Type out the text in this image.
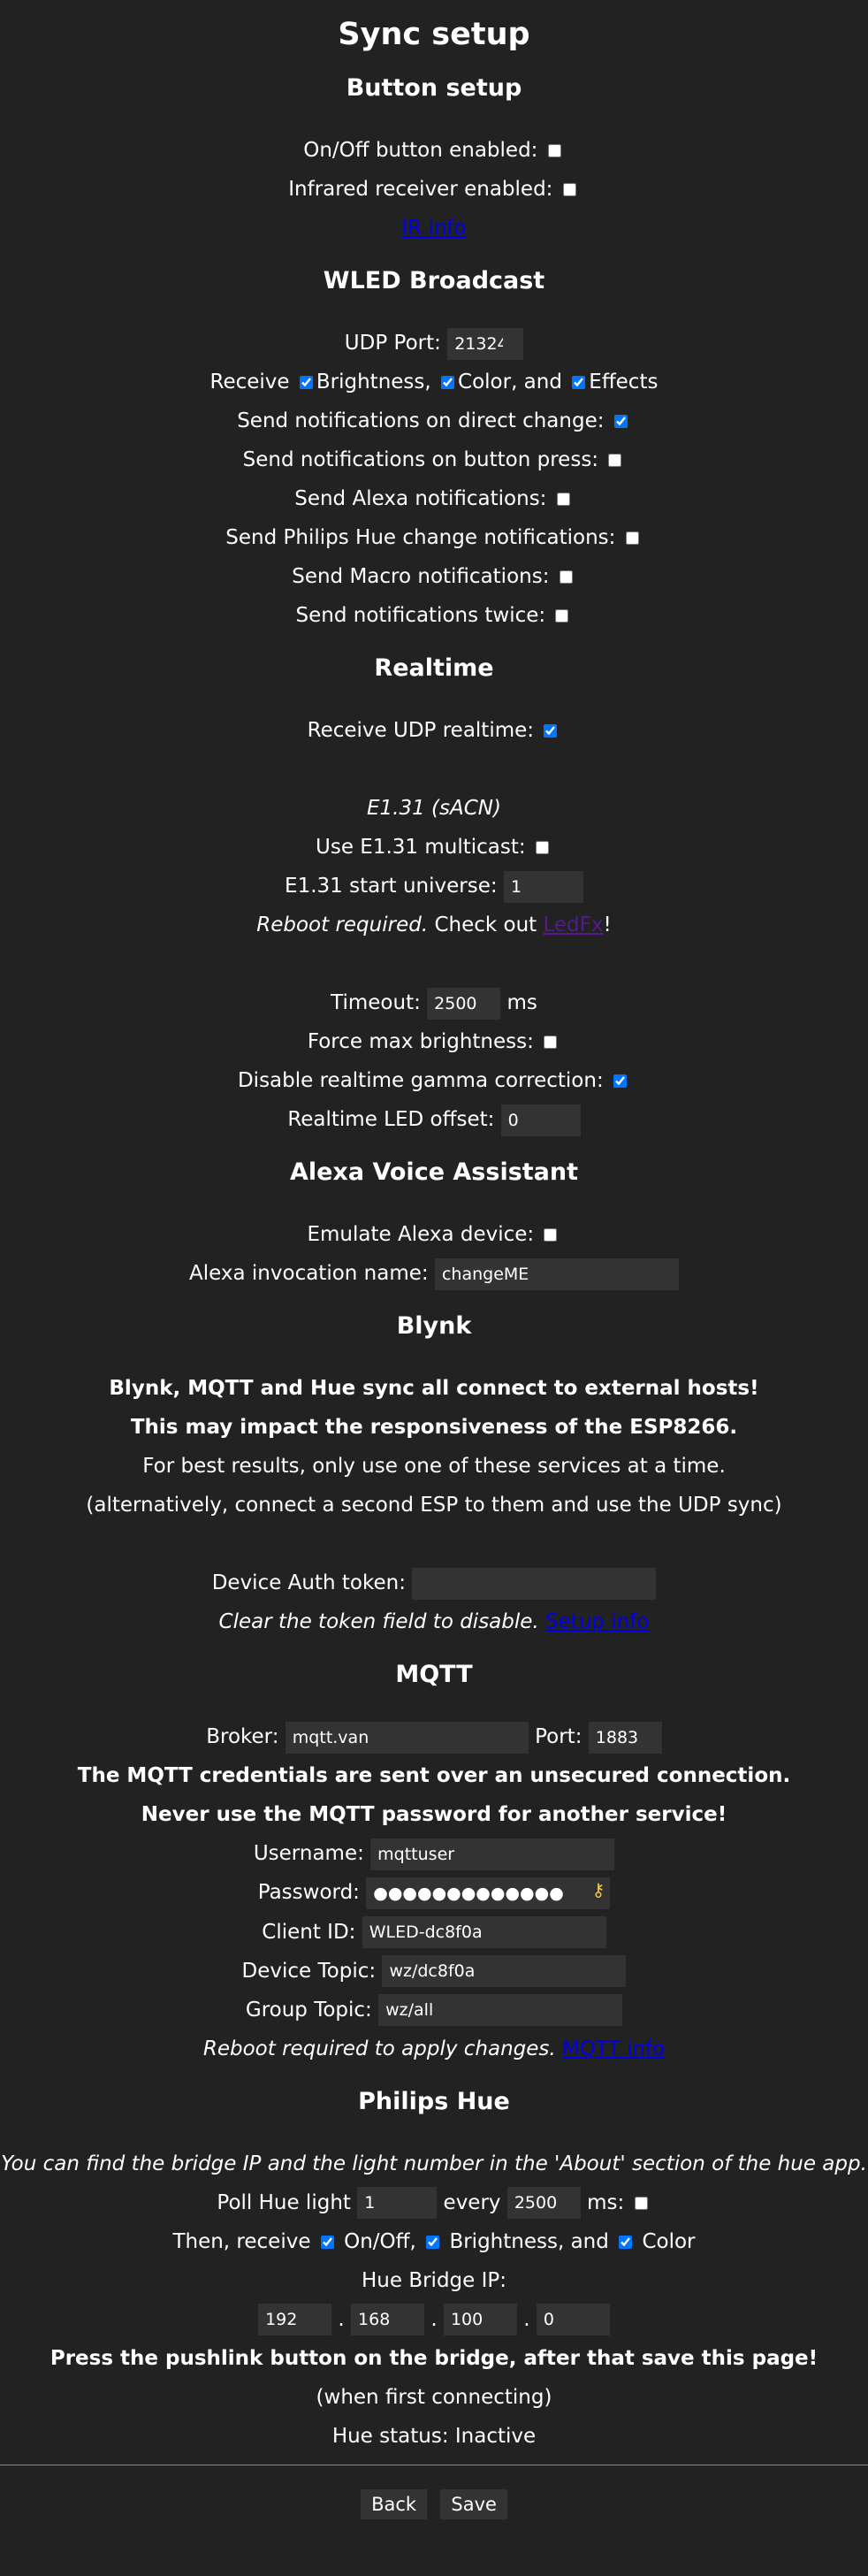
Sync setup
Button setup
On/Off button enabled:
Infrared receiver enabled:
IR info
WLED Broadcast
UDP Port: 21324
Receive Brightness, Color, and Effects
Send notifications on direct change:
Send notifications on button press:
Send Alexa notifications:
Send Philips Hue change notifications:
Send Macro notifications:
Send notifications twice:
Realtime
Receive UDP realtime:
E1.31 (sACN)
Use E1.31 multicast:
E1.31 start universe: 1
Reboot required. Check out LedFx!
Timeout: 2500	ms
Force max brightness:
Disable realtime gamma correction:
Realtime LED offset: 0
Alexa Voice Assistant
Emulate Alexa device:
Alexa invocation name: changeME
Blynk
Blynk, MQTT and Hue sync all connect to external hosts!
This may impact the responsiveness of the ESP8266.
For best results, only use one of these services at a time.
(alternatively, connect a second ESP to them and use the UDP sync)
Device Auth token:
Clear the token field to disable. Setup info
MQTT
Broker: mqtt.van	Port: 1883
The MQTT credentials are sent over an unsecured connection.
Never use the MQTT password for another service!
Username: mqttuser
Password: ●●●●●●●●●●●●●	⚷
Client ID: WLED-dc8f0a
Device Topic: wz/dc8f0a
Group Topic: wz/all
Reboot required to apply changes. MQTT info
Philips Hue
You can find the bridge IP and the light number in the 'About' section of the hue app.
Poll Hue light 1	every 2500	ms:
Then, receive On/Off, Brightness, and Color
Hue Bridge IP:
192 . 168	. 100	. 0
Press the pushlink button on the bridge, after that save this page!
(when first connecting)
Hue status: Inactive
Back Save
